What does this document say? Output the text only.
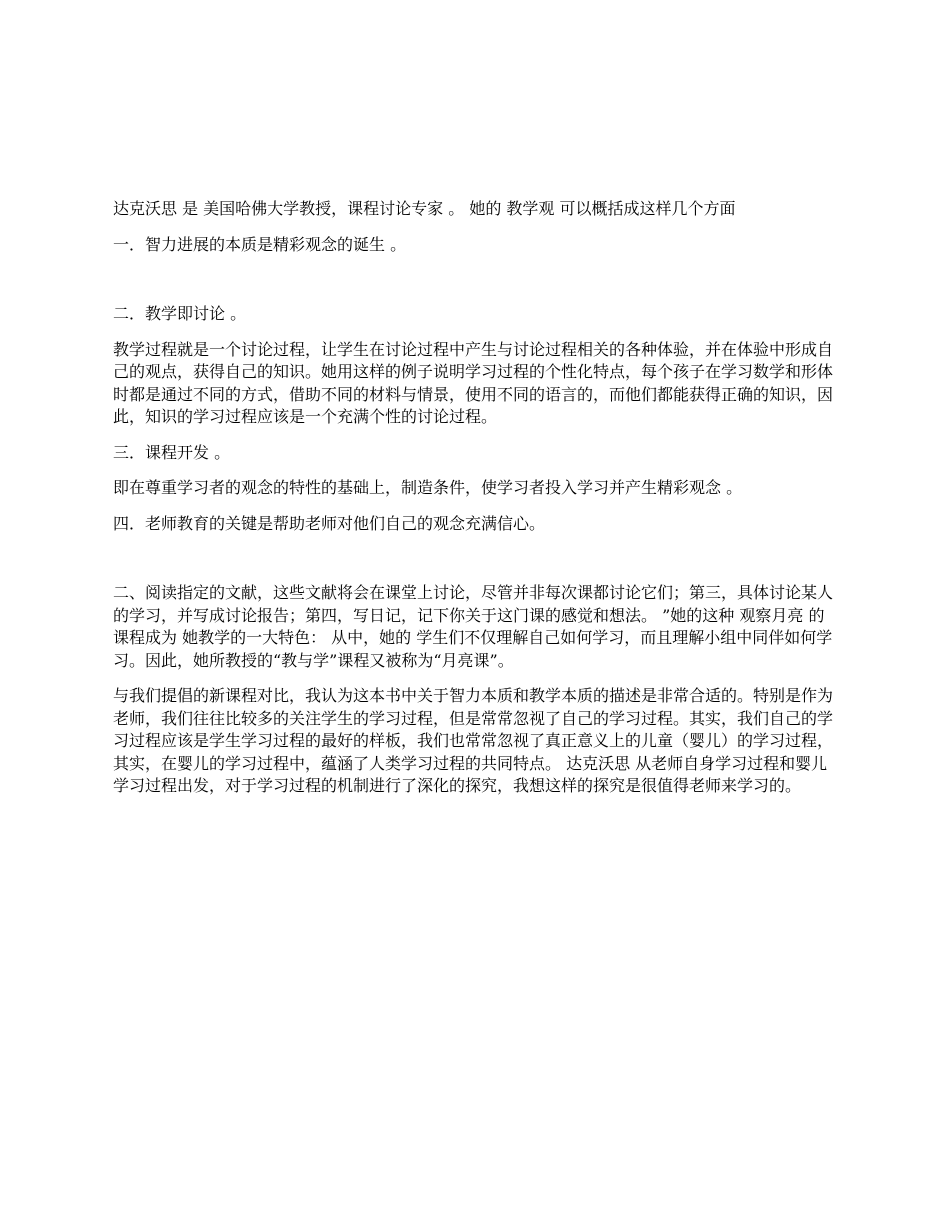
达克沃思 是 美国哈佛大学教授，课程讨论专家 。 她的 教学观 可以概括成这样几个方面

一．智力进展的本质是精彩观念的诞生 。

二．教学即讨论 。

教学过程就是一个讨论过程，让学生在讨论过程中产生与讨论过程相关的各种体验，并在体验中形成自己的观点，获得自己的知识。她用这样的例子说明学习过程的个性化特点，每个孩子在学习数学和形体时都是通过不同的方式，借助不同的材料与情景，使用不同的语言的，而他们都能获得正确的知识，因此，知识的学习过程应该是一个充满个性的讨论过程。

三．课程开发 。

即在尊重学习者的观念的特性的基础上，制造条件，使学习者投入学习并产生精彩观念 。

四．老师教育的关键是帮助老师对他们自己的观念充满信心。

二、阅读指定的文献，这些文献将会在课堂上讨论，尽管并非每次课都讨论它们；第三，具体讨论某人的学习，并写成讨论报告；第四，写日记，记下你关于这门课的感觉和想法。 ”她的这种 观察月亮 的课程成为 她教学的一大特色： 从中，她的 学生们不仅理解自己如何学习，而且理解小组中同伴如何学习。因此，她所教授的“教与学”课程又被称为“月亮课”。

与我们提倡的新课程对比，我认为这本书中关于智力本质和教学本质的描述是非常合适的。特别是作为老师，我们往往比较多的关注学生的学习过程，但是常常忽视了自己的学习过程。其实，我们自己的学习过程应该是学生学习过程的最好的样板，我们也常常忽视了真正意义上的儿童（婴儿）的学习过程，其实，在婴儿的学习过程中，蕴涵了人类学习过程的共同特点。 达克沃思 从老师自身学习过程和婴儿学习过程出发，对于学习过程的机制进行了深化的探究，我想这样的探究是很值得老师来学习的。
